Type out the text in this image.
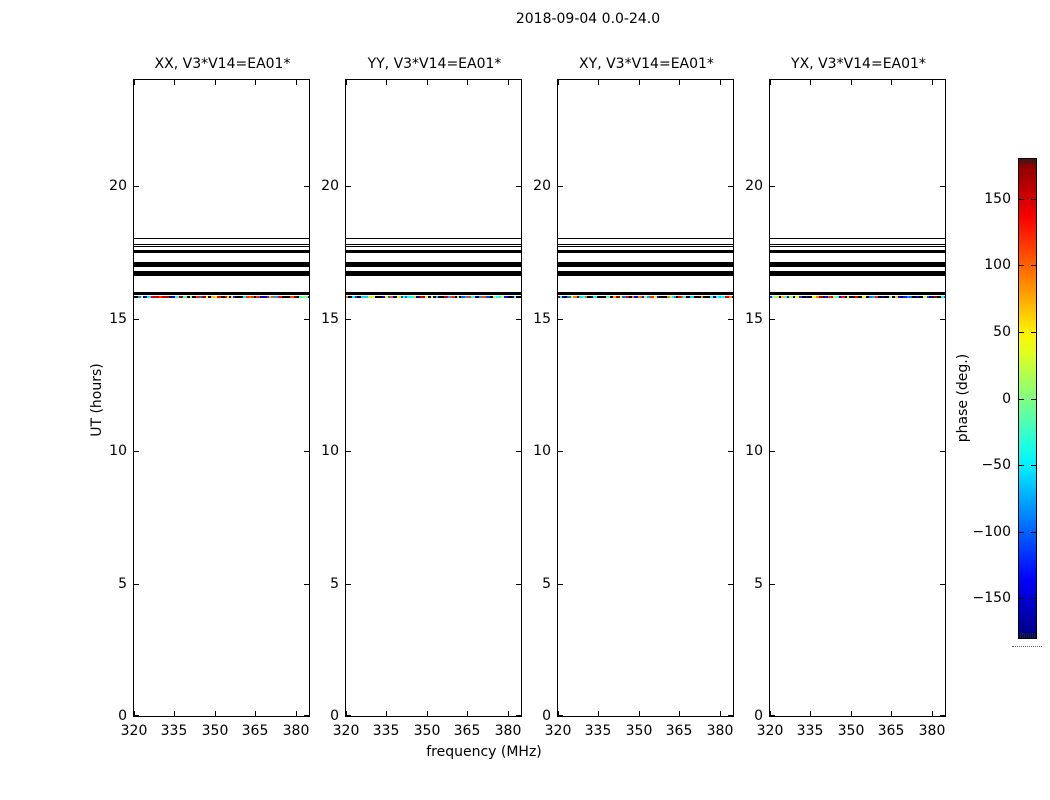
2018-09-04 0.0-24.0
XX, V3*V14=EA01*
320 335	350 365	380
0
5
10
15
20
YY, V3*V14=EA01*
320 335	350 365	380
0
5
10
15
20
XY, V3*V14=EA01*
320 335	350 365	380
0
5
10
15
20
YX, V3*V14=EA01*
320 335	350 365	380
0
5
10
15
20
UT (hours)
frequency (MHz)
150
100
50
0
−50
−100
−150
phase (deg.)
